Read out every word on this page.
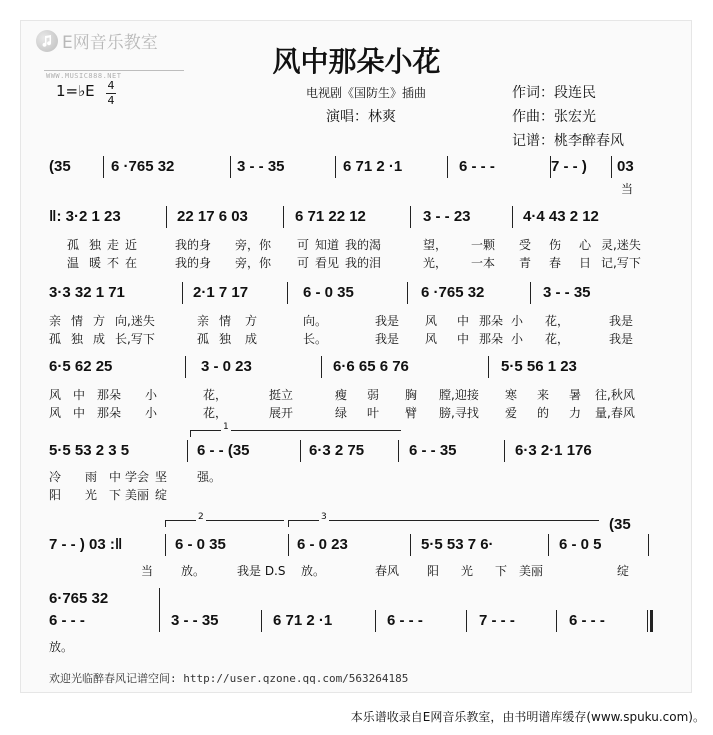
E网音乐教室
WWW.MUSIC888.NET	风中那朵小花
1=♭E 4
4
电视剧《国防生》插曲
演唱：林爽
作词：段连民
作曲：张宏光
记谱：桃李醉春风
(35	6 ·765 32	3 - - 35	6 71 2 ·1	6 - - -	7 - - ) 03
当
‖: 3·2 1 23	22 17 6 03	6 71 22 12	3 - - 23	4·4 43 2 12
孤 独 走 近	我的身 旁，你 可 知道 我的渴	望， 一颗 受 伤 心 灵,迷失
温 暖 不 在	我的身 旁，你 可 看见 我的泪	光， 一本 青 春 日 记,写下
3·3 32 1 71	2·1 7 17	6 - 0 35	6 ·765 32	3 - - 35
亲 情 方 向,迷失	亲 情 方	向。	我是 风 中 那朵 小 花，	我是
孤 独 成 长,写下	孤 独 成	长。	我是 风 中 那朵 小 花，	我是
6·5 62 25	3 - 0 23	6·6 65 6 76	5·5 56 1 23
风 中 那朵 小	花，	挺立	瘦 弱 胸 膛,迎接 寒 来 暑 往,秋风
风 中 那朵 小	花，	展开	绿 叶 臂 膀,寻找 爱 的 力 量,春风
1
5·5 53 2 3 5	6 - - (35	6·3 2 75	6 - - 35	6·3 2·1 176
冷 雨 中 学会 坚 强。
阳 光 下 美丽 绽
2	3
7 - - ) 03 :‖	6 - 0 35	6 - 0 23	5·5 53 7 6·	6 - 0 5
(35
当 放。	我是 D.S 放。	春风 阳 光 下 美丽	绽
6·765 32
6 - - -	3 - - 35	6 71 2 ·1	6 - - -	7 - - -	6 - - -
放。
欢迎光临醉春风记谱空间: http://user.qzone.qq.com/563264185
本乐谱收录自E网音乐教室，由书明谱库缓存(www.spuku.com)。
